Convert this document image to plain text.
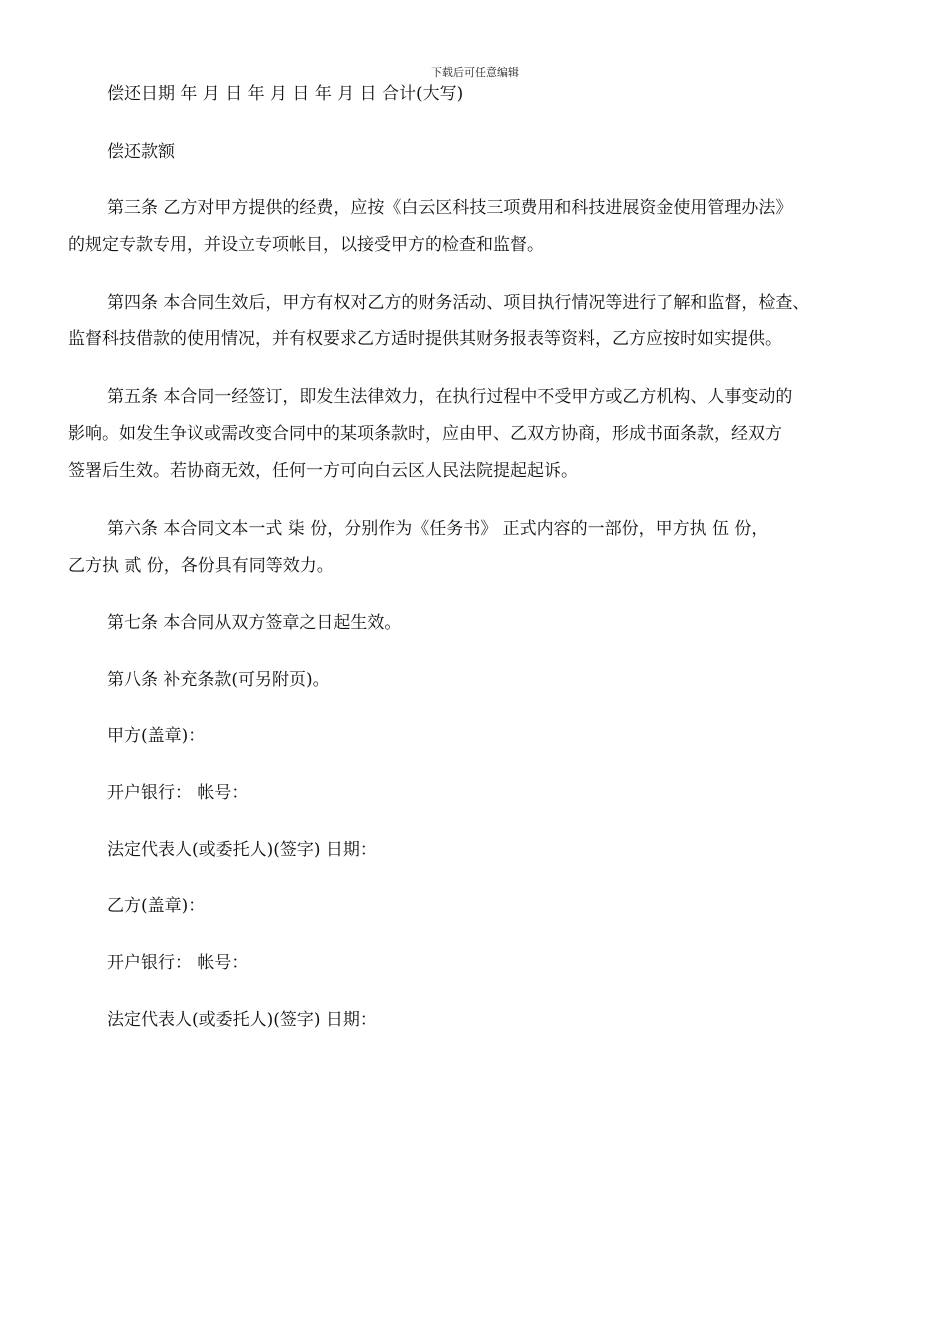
下载后可任意编辑
偿还日期 年 月 日 年 月 日 年 月 日 合计(大写)
偿还款额
第三条 乙方对甲方提供的经费，应按《白云区科技三项费用和科技进展资金使用管理办法》
的规定专款专用，并设立专项帐目，以接受甲方的检查和监督。
第四条 本合同生效后，甲方有权对乙方的财务活动、项目执行情况等进行了解和监督，检查、
监督科技借款的使用情况，并有权要求乙方适时提供其财务报表等资料，乙方应按时如实提供。
第五条 本合同一经签订，即发生法律效力，在执行过程中不受甲方或乙方机构、人事变动的
影响。如发生争议或需改变合同中的某项条款时，应由甲、乙双方协商，形成书面条款，经双方
签署后生效。若协商无效，任何一方可向白云区人民法院提起起诉。
第六条 本合同文本一式 柒 份，分别作为《任务书》 正式内容的一部份，甲方执 伍 份，
乙方执 贰 份，各份具有同等效力。
第七条 本合同从双方签章之日起生效。
第八条 补充条款(可另附页)。
甲方(盖章)：
开户银行： 帐号：
法定代表人(或委托人)(签字) 日期：
乙方(盖章)：
开户银行： 帐号：
法定代表人(或委托人)(签字) 日期：
